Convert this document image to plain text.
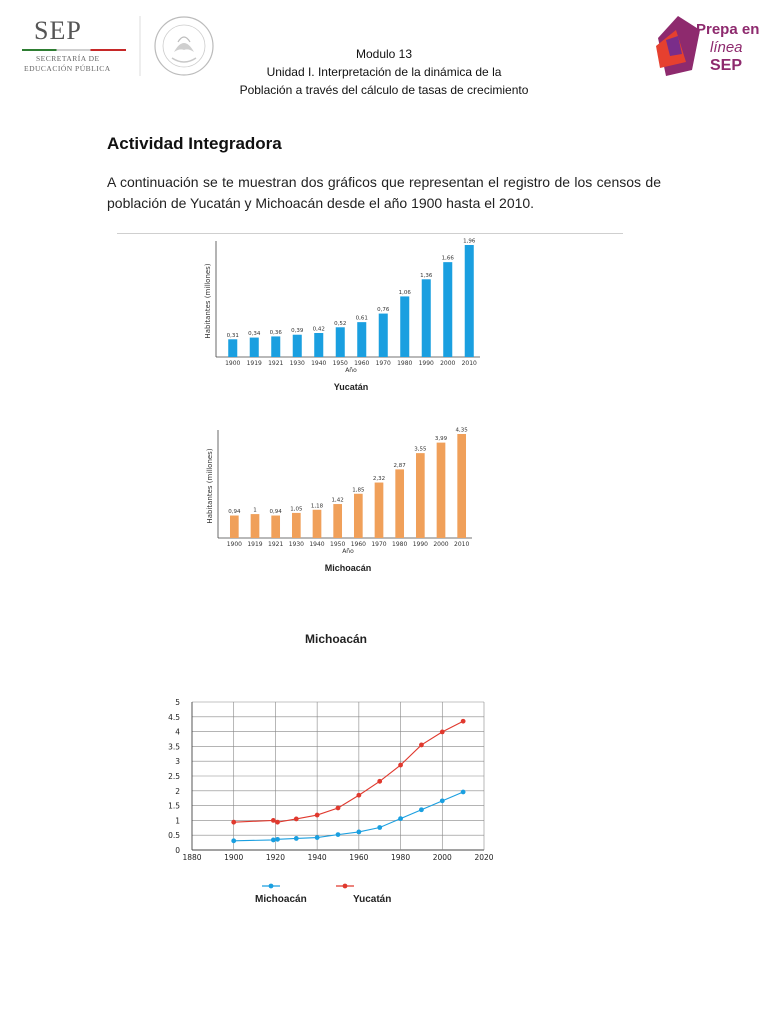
SEP
SECRETARÍA DE
EDUCACIÓN PÚBLICA
Modulo 13
Unidad I. Interpretación de la dinámica de la
Población a través del cálculo de tasas de crecimiento
Prepa en
línea
SEP
Actividad Integradora
A continuación se te muestran dos gráficos que representan el registro de los censos de población de Yucatán y Michoacán desde el año 1900 hasta el 2010.
0,31
1900
0,34
1919
0,36
1921
0,39
1930
0,42
1940
0,52
1950
0,61
1960
0,76
1970
1,06
1980
1,36
1990
1,66
2000
1,96
2010
Año
Habitantes (millones)
Yucatán
0,94
1900
1
1919
0,94
1921
1,05
1930
1,18
1940
1,42
1950
1,85
1960
2,32
1970
2,87
1980
3,55
1990
3,99
2000
4,35
2010
Año
Habitantes (millones)
Michoacán
Michoacán
0
0.5
1
1.5
2
2.5
3
3.5
4
4.5
5
1880	1900	1920	1940	1960	1980	2000	2020
Michoacán	Yucatán
